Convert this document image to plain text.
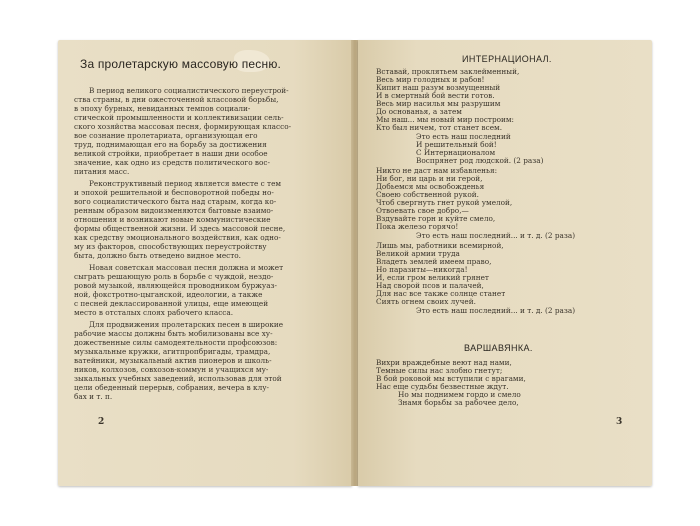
За пролетарскую массовую песню.
В период великого социалистического переустрой-
ства страны, в дни ожесточенной классовой борьбы,
в эпоху бурных, невиданных темпов социали-
стической промышленности и коллективизации сель-
ского хозяйства массовая песня, формирующая классо-
вое сознание пролетариата, организующая его
труд, поднимающая его на борьбу за достижения
великой стройки, приобретает в наши дни особое
значение, как одно из средств политического вос-
питания масс.
Реконструктивный период является вместе с тем
и эпохой решительной и бесповоротной победы но-
вого социалистического быта над старым, когда ко-
ренным образом видоизменяются бытовые взаимо-
отношения и возникают новые коммунистические
формы общественной жизни. И здесь массовой песне,
как средству эмоционального воздействия, как одно-
му из факторов, способствующих переустройству
быта, должно быть отведено видное место.
Новая советская массовая песня должна и может
сыграть решающую роль в борьбе с чуждой, нездо-
ровой музыкой, являющейся проводником буржуаз-
ной, фокстротно-цыганской, идеологии, а также
с песней деклассированной улицы, еще имеющей
место в отсталых слоях рабочего класса.
Для продвижения пролетарских песен в широкие
рабочие массы должны быть мобилизованы все ху-
дожественные силы самодеятельности профсоюзов:
музыкальные кружки, агитпропбригады, трамдра,
ватейники, музыкальный актив пионеров и школь-
ников, колхозов, совхозов-коммун и учащихся му-
зыкальных учебных заведений, использовав для этой
цели обеденный перерыв, собрания, вечера в клу-
бах и т. п.
2
ИНТЕРНАЦИОНАЛ.
Вставай, проклятьем заклейменный,
Весь мир голодных и рабов!
Кипит наш разум возмущенный
И в смертный бой вести готов.
Весь мир насилья мы разрушим
До основанья, а затем
Мы наш... мы новый мир построим:
Кто был ничем, тот станет всем.
Это есть наш последний
И решительный бой!
С Интернационалом
Воспрянет род людской. (2 раза)
Никто не даст нам избавленья:
Ни бог, ни царь и ни герой,
Добьемся мы освобожденья
Своею собственной рукой.
Чтоб свергнуть гнет рукой умелой,
Отвоевать свое добро,—
Вздувайте горн и куйте смело,
Пока железо горячо!
Это есть наш последний... и т. д. (2 раза)
Лишь мы, работники всемирной,
Великой армии труда
Владеть землей имеем право,
Но паразиты—никогда!
И, если гром великий грянет
Над сворой псов и палачей,
Для нас все также солнце станет
Сиять огнем своих лучей.
Это есть наш последний... и т. д. (2 раза)
ВАРШАВЯНКА.
Вихри враждебные веют над нами,
Темные силы нас злобно гнетут;
В бой роковой мы вступили с врагами,
Нас еще судьбы безвестные ждут.
Но мы поднимем гордо и смело
Знамя борьбы за рабочее дело,
3
